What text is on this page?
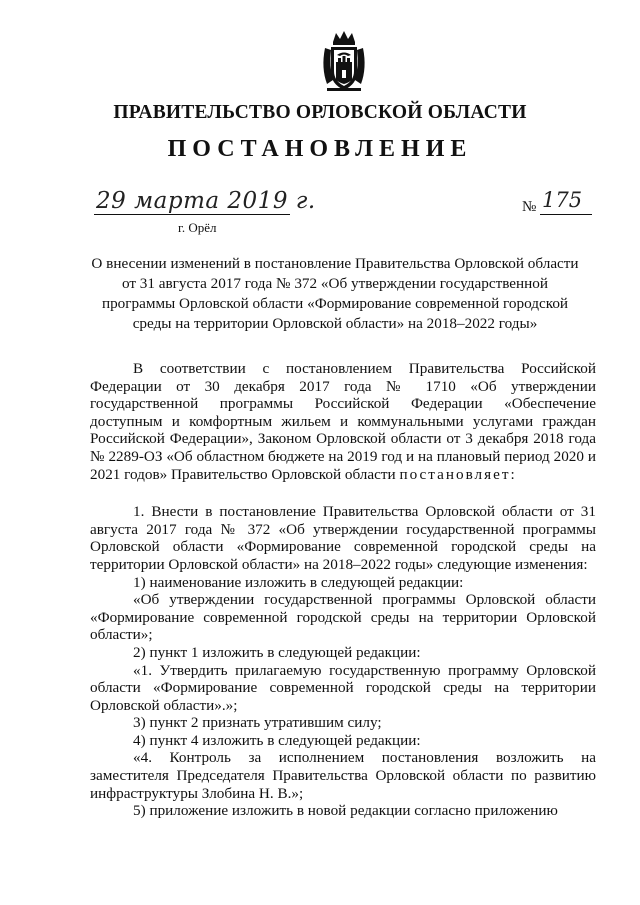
ПРАВИТЕЛЬСТВО ОРЛОВСКОЙ ОБЛАСТИ
ПОСТАНОВЛЕНИЕ
29 марта 2019 г.	№ 175
г. Орёл
О внесении изменений в постановление Правительства Орловской области
от 31 августа 2017 года № 372 «Об утверждении государственной
программы Орловской области «Формирование современной городской
среды на территории Орловской области» на 2018–2022 годы»

В соответствии с постановлением Правительства Российской Федерации от 30 декабря 2017 года № 1710 «Об утверждении государственной программы Российской Федерации «Обеспечение доступным и комфортным жильем и коммунальными услугами граждан Российской Федерации», Законом Орловской области от 3 декабря 2018 года № 2289-ОЗ «Об областном бюджете на 2019 год и на плановый период 2020 и 2021 годов» Правительство Орловской области постановляет:

1. Внести в постановление Правительства Орловской области от 31 августа 2017 года № 372 «Об утверждении государственной программы Орловской области «Формирование современной городской среды на территории Орловской области» на 2018–2022 годы» следующие изменения:

1) наименование изложить в следующей редакции:

«Об утверждении государственной программы Орловской области «Формирование современной городской среды на территории Орловской области»;

2) пункт 1 изложить в следующей редакции:

«1. Утвердить прилагаемую государственную программу Орловской области «Формирование современной городской среды на территории Орловской области».»;

3) пункт 2 признать утратившим силу;

4) пункт 4 изложить в следующей редакции:

«4. Контроль за исполнением постановления возложить на заместителя Председателя Правительства Орловской области по развитию инфраструктуры Злобина Н. В.»;

5) приложение изложить в новой редакции согласно приложению
